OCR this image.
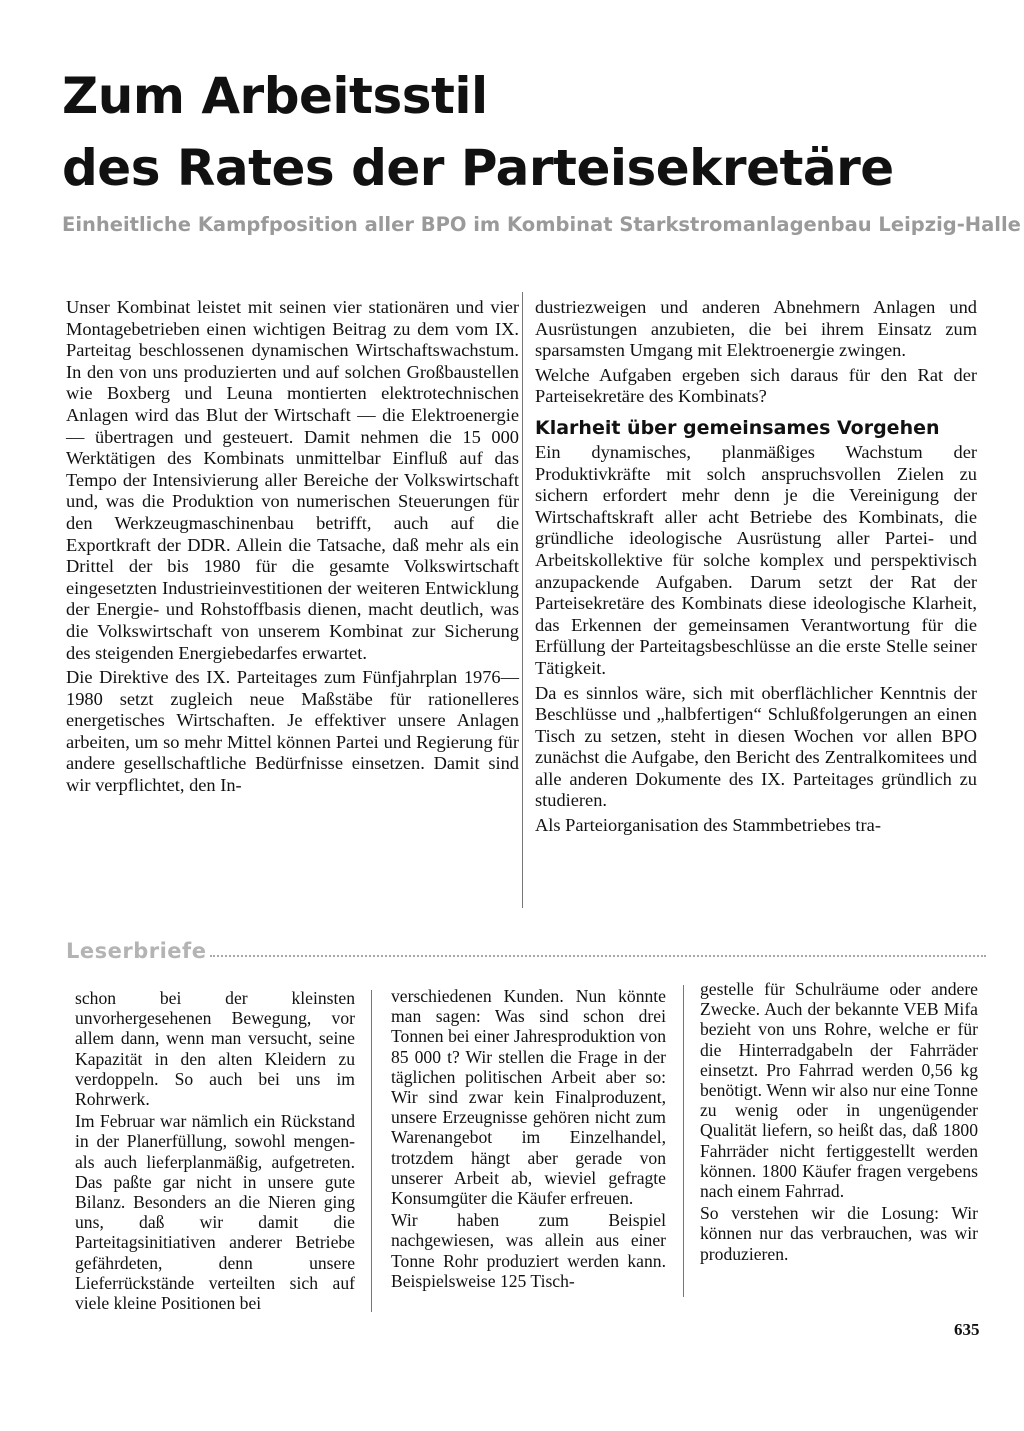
Zum Arbeitsstil
des Rates der Parteisekretäre

Einheitliche Kampfposition aller BPO im Kombinat Starkstromanlagenbau Leipzig-Halle

Unser Kombinat leistet mit seinen vier stationären und vier Montagebetrieben einen wichtigen Beitrag zu dem vom IX. Parteitag beschlossenen dynamischen Wirtschaftswachstum. In den von uns produzierten und auf solchen Großbaustellen wie Boxberg und Leuna montierten elektrotechnischen Anlagen wird das Blut der Wirtschaft — die Elektroenergie — übertragen und gesteuert. Damit nehmen die 15 000 Werktätigen des Kombinats unmittelbar Einfluß auf das Tempo der Intensivierung aller Bereiche der Volkswirtschaft und, was die Produktion von numerischen Steuerungen für den Werkzeugmaschinenbau betrifft, auch auf die Exportkraft der DDR. Allein die Tatsache, daß mehr als ein Drittel der bis 1980 für die gesamte Volkswirtschaft eingesetzten Industrieinvestitionen der weiteren Entwicklung der Energie- und Rohstoffbasis dienen, macht deutlich, was die Volkswirtschaft von unserem Kombinat zur Sicherung des steigenden Energiebedarfes erwartet.

Die Direktive des IX. Parteitages zum Fünfjahrplan 1976—1980 setzt zugleich neue Maßstäbe für rationelleres energetisches Wirtschaften. Je effektiver unsere Anlagen arbeiten, um so mehr Mittel können Partei und Regierung für andere gesellschaftliche Bedürfnisse einsetzen. Damit sind wir verpflichtet, den In-

dustriezweigen und anderen Abnehmern Anlagen und Ausrüstungen anzubieten, die bei ihrem Einsatz zum sparsamsten Umgang mit Elektroenergie zwingen.

Welche Aufgaben ergeben sich daraus für den Rat der Parteisekretäre des Kombinats?

Klarheit über gemeinsames Vorgehen

Ein dynamisches, planmäßiges Wachstum der Produktivkräfte mit solch anspruchsvollen Zielen zu sichern erfordert mehr denn je die Vereinigung der Wirtschaftskraft aller acht Betriebe des Kombinats, die gründliche ideologische Ausrüstung aller Partei- und Arbeitskollektive für solche komplex und perspektivisch anzupackende Aufgaben. Darum setzt der Rat der Parteisekretäre des Kombinats diese ideologische Klarheit, das Erkennen der gemeinsamen Verantwortung für die Erfüllung der Parteitagsbeschlüsse an die erste Stelle seiner Tätigkeit.

Da es sinnlos wäre, sich mit oberflächlicher Kenntnis der Beschlüsse und „halbfertigen“ Schlußfolgerungen an einen Tisch zu setzen, steht in diesen Wochen vor allen BPO zunächst die Aufgabe, den Bericht des Zentralkomitees und alle anderen Dokumente des IX. Parteitages gründlich zu studieren.

Als Parteiorganisation des Stammbetriebes tra-

Leserbriefe

schon bei der kleinsten unvorhergesehenen Bewegung, vor allem dann, wenn man versucht, seine Kapazität in den alten Kleidern zu verdoppeln. So auch bei uns im Rohrwerk.

Im Februar war nämlich ein Rückstand in der Planerfüllung, sowohl mengen- als auch lieferplanmäßig, aufgetreten. Das paßte gar nicht in unsere gute Bilanz. Besonders an die Nieren ging uns, daß wir damit die Parteitagsinitiativen anderer Betriebe gefährdeten, denn unsere Lieferrückstände verteilten sich auf viele kleine Positionen bei

verschiedenen Kunden. Nun könnte man sagen: Was sind schon drei Tonnen bei einer Jahresproduktion von 85 000 t? Wir stellen die Frage in der täglichen politischen Arbeit aber so: Wir sind zwar kein Finalproduzent, unsere Erzeugnisse gehören nicht zum Warenangebot im Einzelhandel, trotzdem hängt aber gerade von unserer Arbeit ab, wieviel gefragte Konsumgüter die Käufer erfreuen.

Wir haben zum Beispiel nachgewiesen, was allein aus einer Tonne Rohr produziert werden kann. Beispielsweise 125 Tisch-

gestelle für Schulräume oder andere Zwecke. Auch der bekannte VEB Mifa bezieht von uns Rohre, welche er für die Hinterradgabeln der Fahrräder einsetzt. Pro Fahrrad werden 0,56 kg benötigt. Wenn wir also nur eine Tonne zu wenig oder in ungenügender Qualität liefern, so heißt das, daß 1800 Fahrräder nicht fertiggestellt werden können. 1800 Käufer fragen vergebens nach einem Fahrrad.

So verstehen wir die Losung: Wir können nur das verbrauchen, was wir produzieren.

635
